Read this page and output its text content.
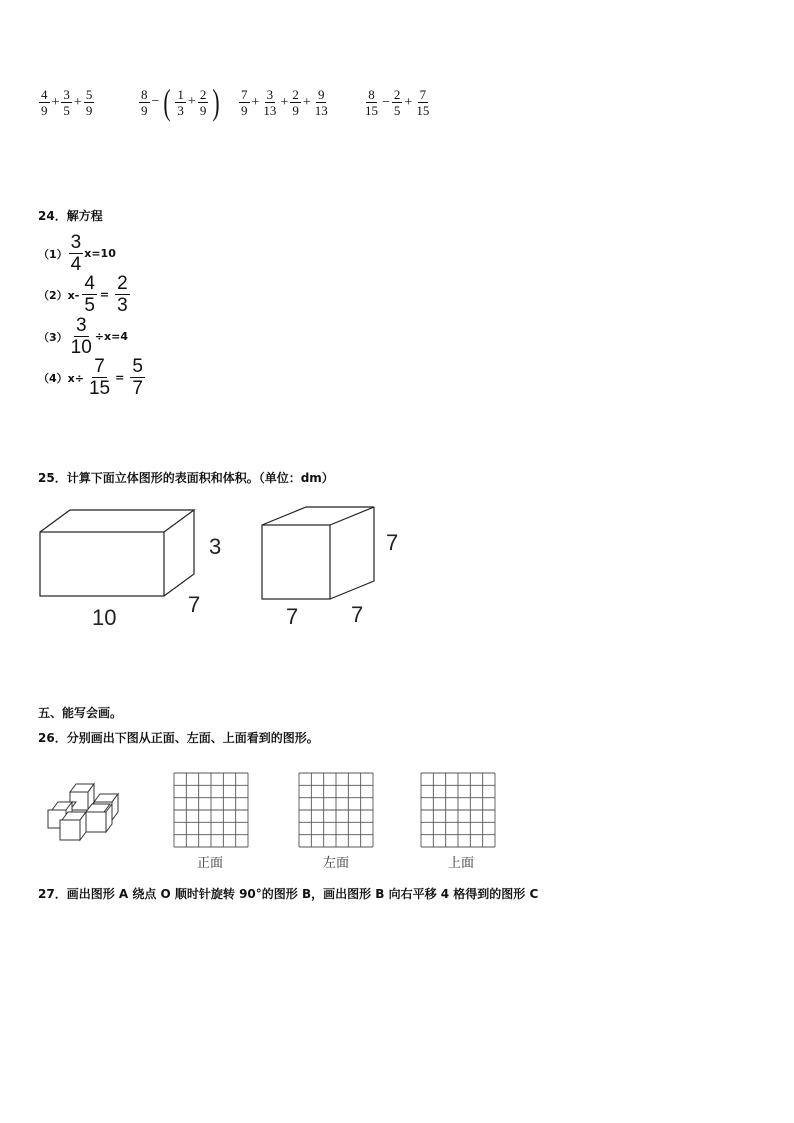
$\frac{4}{9} + \frac{3}{5} + \frac{5}{9}$	$\frac{8}{9}$ − ( $\frac{1}{3} + \frac{2}{9}$ ) $\frac{7}{9} + \frac{3}{13} + \frac{2}{9} + \frac{9}{13}$	$\frac{8}{15} - \frac{2}{5} + \frac{7}{15}$
24．解方程
$(1) \frac{3}{4} x=10$
$(2)x- \frac{4}{5} = \frac{2}{3}$
$(3) \frac{3}{10} \div x=4$
$(4)x\div \frac{7}{15} = \frac{5}{7}$
25．计算下面立体图形的表面积和体积。（单位：dm）
3
7
10
7
7 7
五、能写会画。
26．分别画出下图从正面、左面、上面看到的图形。
正面	左面	上面
27．画出图形 A 绕点 O 顺时针旋转 90°的图形 B，画出图形 B 向右平移 4 格得到的图形 C
